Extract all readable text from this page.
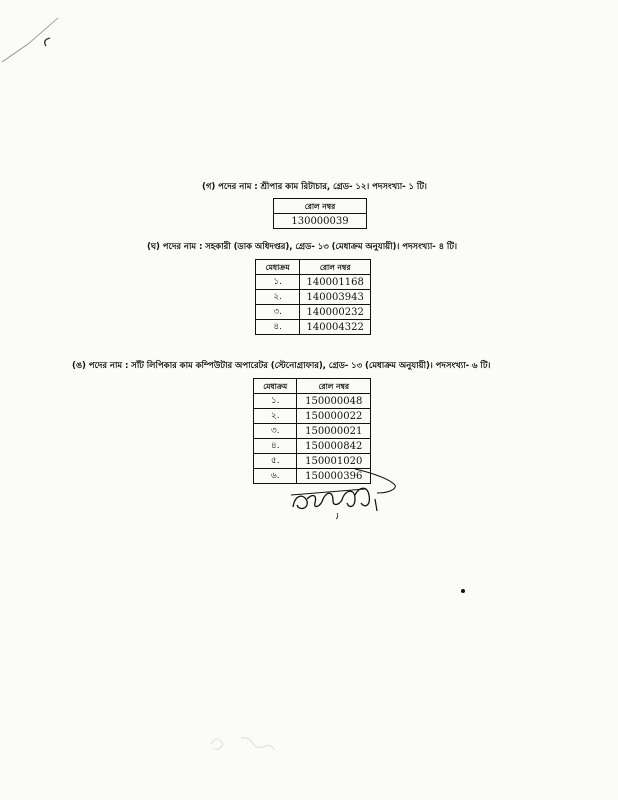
(গ) পদের নাম : শ্রীপার কাম রিটাচার, গ্রেড- ১২। পদসংখ্যা- ১ টি।
রোল নম্বর
130000039
(ঘ) পদের নাম : সহকারী (ডাক অধিদপ্তর), গ্রেড- ১৩ (মেধাক্রম অনুযায়ী)। পদসংখ্যা- ৪ টি।
মেধাক্রম	রোল নম্বর
১.	140001168
২.	140003943
৩.	140000232
৪.	140004322
(ঙ) পদের নাম : সাঁট লিপিকার কাম কম্পিউটার অপারেটর (স্টেনোগ্রাফার), গ্রেড- ১৩ (মেধাক্রম অনুযায়ী)। পদসংখ্যা- ৬ টি।
মেধাক্রম	রোল নম্বর
১.	150000048
২.	150000022
৩.	150000021
৪.	150000842
৫.	150001020
৬.	150000396
